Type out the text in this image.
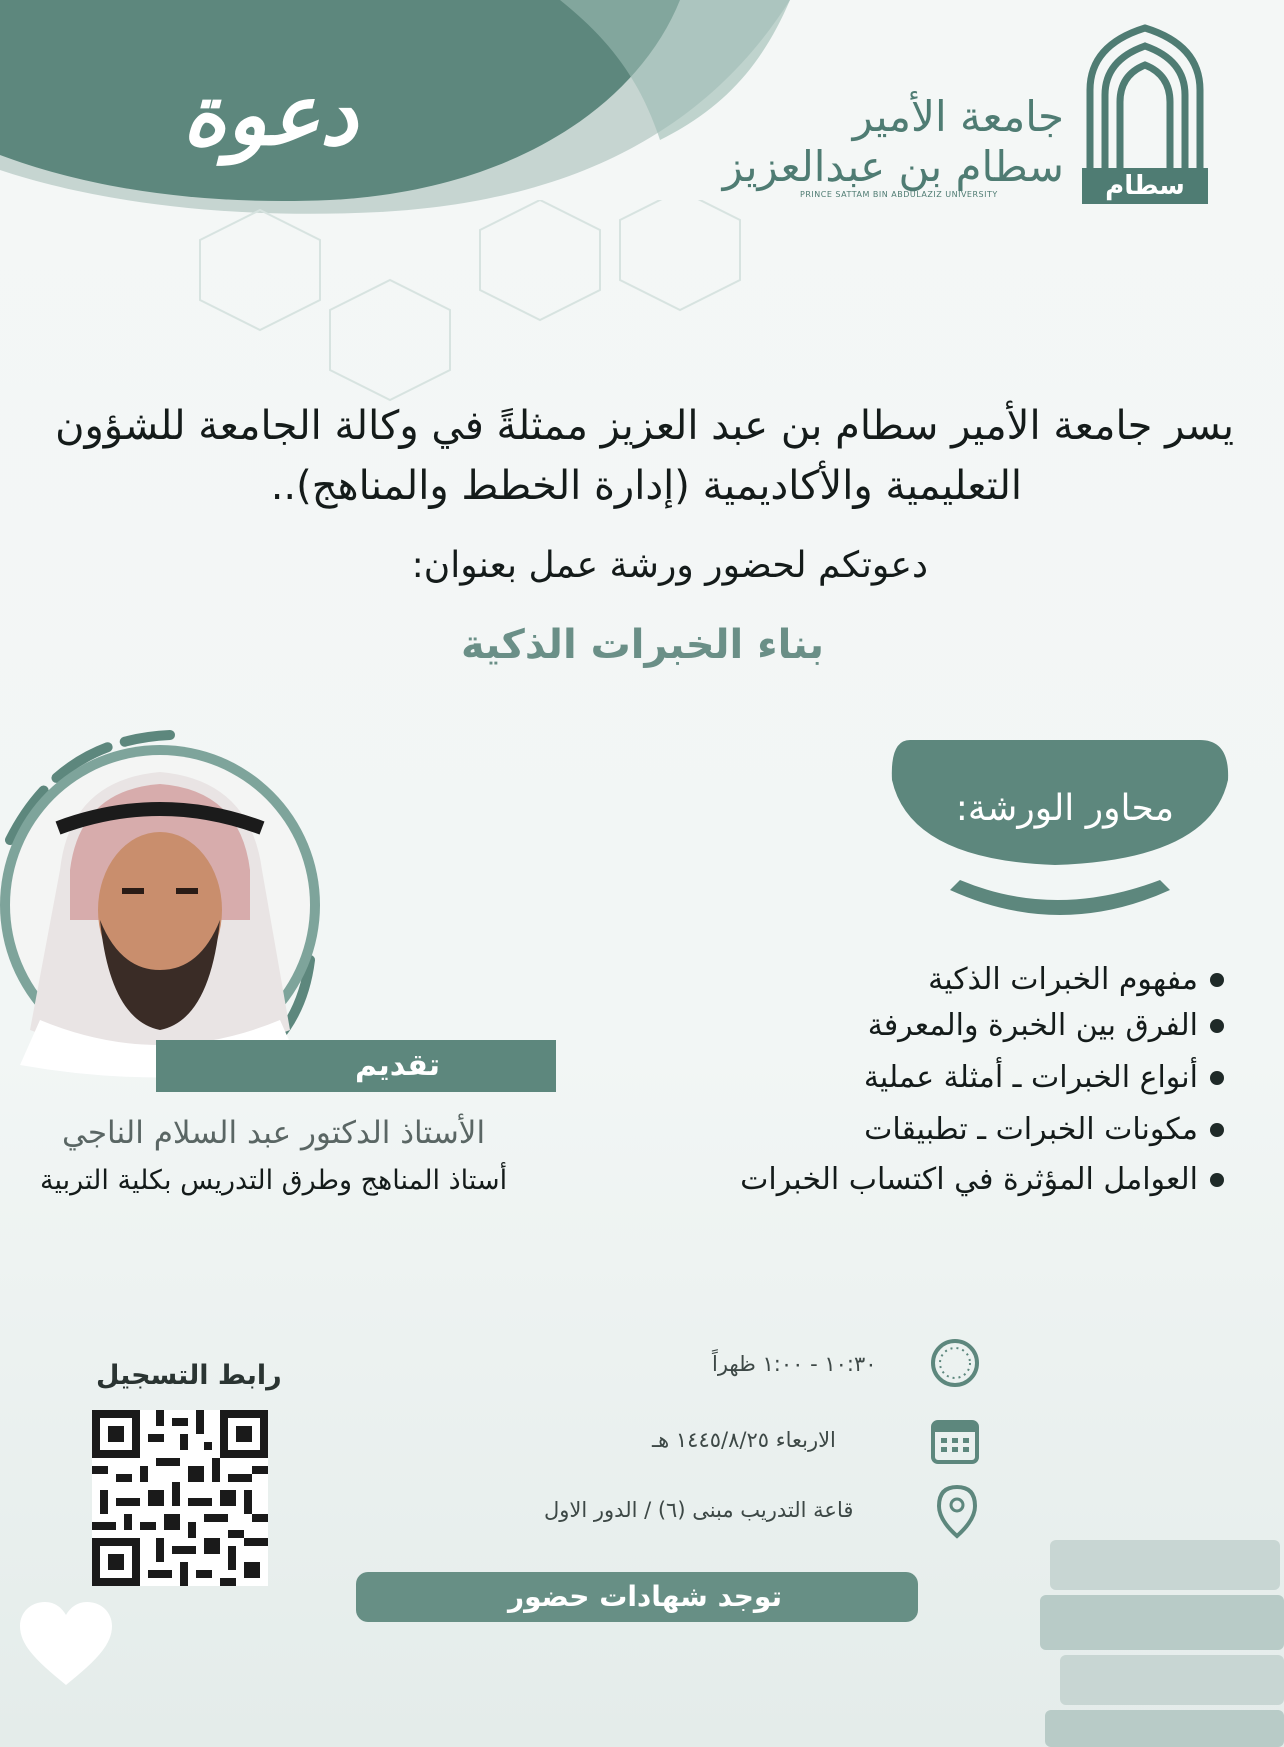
دعوة
سطام
جامعة الأمير
سطام بن عبدالعزيز
PRINCE SATTAM BIN ABDULAZIZ UNIVERSITY
يسر جامعة الأمير سطام بن عبد العزيز ممثلةً في وكالة الجامعة للشؤون
التعليمية والأكاديمية (إدارة الخطط والمناهج)..
دعوتكم لحضور ورشة عمل بعنوان:
بناء الخبرات الذكية
محاور الورشة:
مفهوم الخبرات الذكية
الفرق بين الخبرة والمعرفة
أنواع الخبرات ـ أمثلة عملية
مكونات الخبرات ـ تطبيقات
العوامل المؤثرة في اكتساب الخبرات
تقديم
الأستاذ الدكتور عبد السلام الناجي
أستاذ المناهج وطرق التدريس بكلية التربية
١٠:٣٠ - ١:٠٠ ظهراً
الاربعاء ١٤٤٥/٨/٢٥ هـ
قاعة التدريب مبنى (٦) / الدور الاول
رابط التسجيل
توجد شهادات حضور
